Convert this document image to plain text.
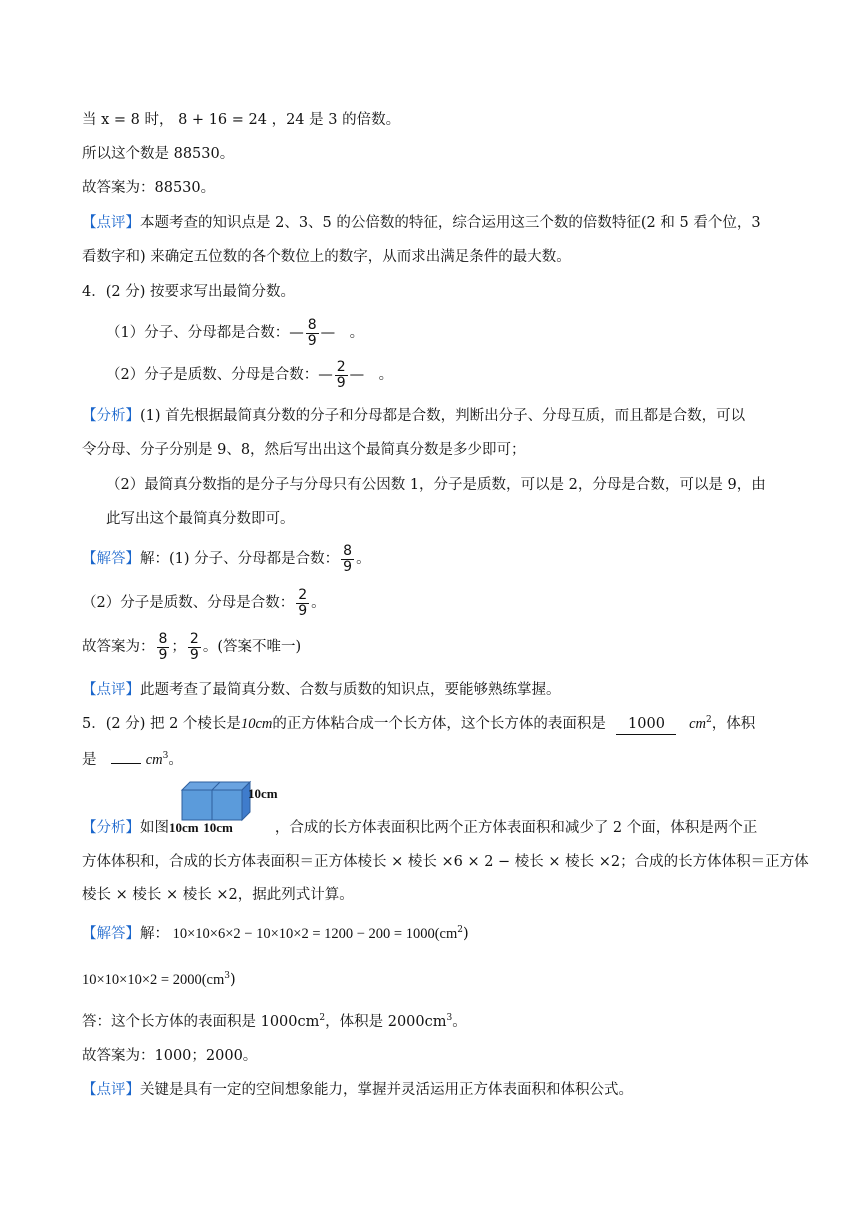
当 x = 8 时， 8 + 16 = 24 ，24 是 3 的倍数。
所以这个数是 88530。
故答案为：88530。
【点评】本题考查的知识点是 2、3、5 的公倍数的特征，综合运用这三个数的倍数特征(2 和 5 看个位，3
看数字和) 来确定五位数的各个数位上的数字，从而求出满足条件的最大数。
4．(2 分) 按要求写出最简分数。
（1）分子、分母都是合数：— $\frac{8}{9}$ —　 。
（2）分子是质数、分母是合数：— $\frac{2}{9}$ —　 。
【分析】(1) 首先根据最简真分数的分子和分母都是合数，判断出分子、分母互质，而且都是合数，可以
令分母、分子分别是 9、8，然后写出出这个最简真分数是多少即可；
（2）最简真分数指的是分子与分母只有公因数 1，分子是质数，可以是 2，分母是合数，可以是 9，由
此写出这个最简真分数即可。
【解答】解：(1) 分子、分母都是合数： $\frac{8}{9}$ 。
（2）分子是质数、分母是合数： $\frac{2}{9}$ 。
故答案为： $\frac{8}{9}$ ； $\frac{2}{9}$ 。(答案不唯一)
【点评】此题考查了最简真分数、合数与质数的知识点，要能够熟练掌握。
5．(2 分) 把 2 个棱长是10cm的正方体粘合成一个长方体，这个长方体的表面积是 1000 $cm^2$，体积
是	$cm^3$。
10cm
【分析】如图10cm 10cm	，合成的长方体表面积比两个正方体表面积和减少了 2 个面，体积是两个正
方体体积和，合成的长方体表面积＝正方体棱长 × 棱长 ×6 × 2 − 棱长 × 棱长 ×2；合成的长方体体积＝正方体
棱长 × 棱长 × 棱长 ×2，据此列式计算。
【解答】解： $10\times 10\times 6\times 2 - 10\times 10\times 2 = 1200 - 200 = 1000(cm^2)$
$10\times 10\times 10\times 2 = 2000(cm^3)$
答：这个长方体的表面积是 $1000cm^2$，体积是 $2000cm^3$。
故答案为：1000；2000。
【点评】关键是具有一定的空间想象能力，掌握并灵活运用正方体表面积和体积公式。
